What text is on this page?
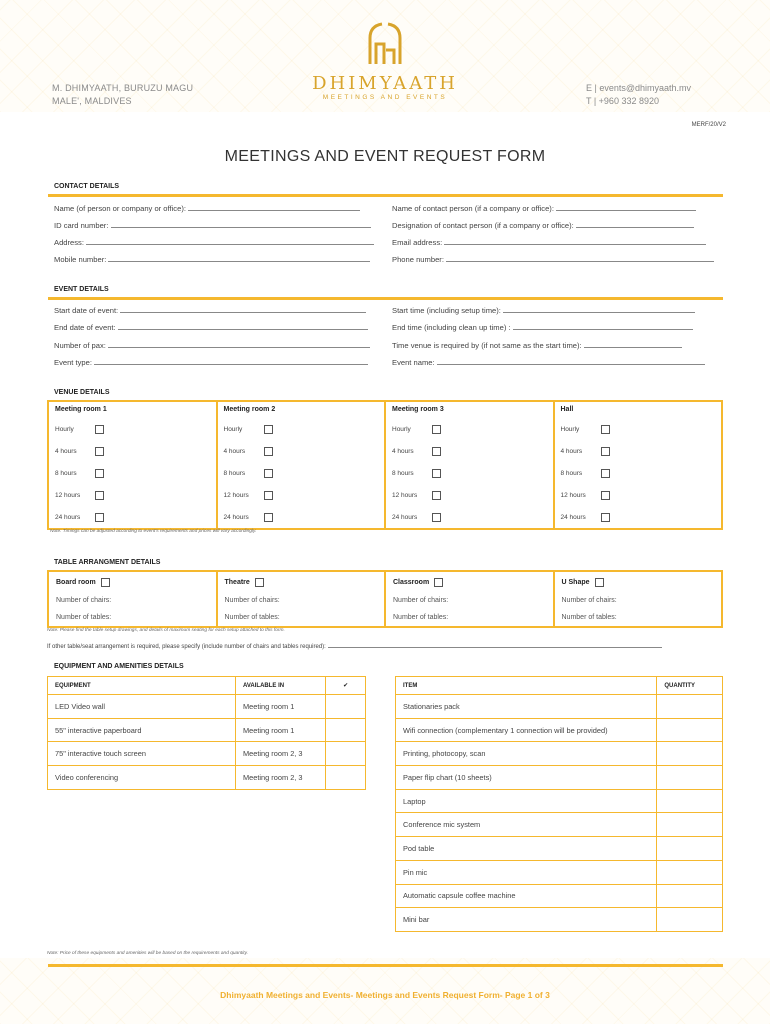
M. DHIMYAATH, BURUZU MAGU
MALE', MALDIVES
DHIMYAATH
MEETINGS AND EVENTS
E | events@dhimyaath.mv
T | +960 332 8920
MERF/20/V2
MEETINGS AND EVENT REQUEST FORM
CONTACT DETAILS
Name (of person or company or office):
ID card number:
Address:
Mobile number:
Name of contact person (if a company or office):
Designation of contact person (if a company or office):
Email address:
Phone number:
EVENT DETAILS
Start date of event:
End date of event:
Number of pax:
Event type:
Start time (including setup time):
End time (including clean up time) :
Time venue is required by (if not same as the start time):
Event name:
VENUE DETAILS
Meeting room 1
Hourly
4 hours
8 hours
12 hours
24 hours

Meeting room 2
Hourly
4 hours
8 hours
12 hours
24 hours

Meeting room 3
Hourly
4 hours
8 hours
12 hours
24 hours

Hall
Hourly
4 hours
8 hours
12 hours
24 hours
Note: Timings can be adjusted according to event's requirements and prices will vary accordingly.
TABLE ARRANGMENT DETAILS
Board room
Number of chairs:
Number of tables:

Theatre
Number of chairs:
Number of tables:

Classroom
Number of chairs:
Number of tables:

U Shape
Number of chairs:
Number of tables:
Note: Please find the table setup drawings, and details of maximum seating for each setup attached to this form.
If other table/seat arrangement is required, please specify (include number of chairs and tables required):
EQUIPMENT AND AMENITIES DETAILS
EQUIPMENT	AVAILABLE IN	✔
LED Video wall	Meeting room 1	
55" interactive paperboard	Meeting room 1	
75" interactive touch screen	Meeting room 2, 3	
Video conferencing	Meeting room 2, 3	
ITEM	QUANTITY
Stationaries pack	
Wifi connection (complementary 1 connection will be provided)	
Printing, photocopy, scan	
Paper flip chart (10 sheets)	
Laptop	
Conference mic system	
Pod table	
Pin mic	
Automatic capsule coffee machine	
Mini bar	
Note: Price of these equipments and amenities will be based on the requirements and quantity.
Dhimyaath Meetings and Events- Meetings and Events Request Form- Page 1 of 3
